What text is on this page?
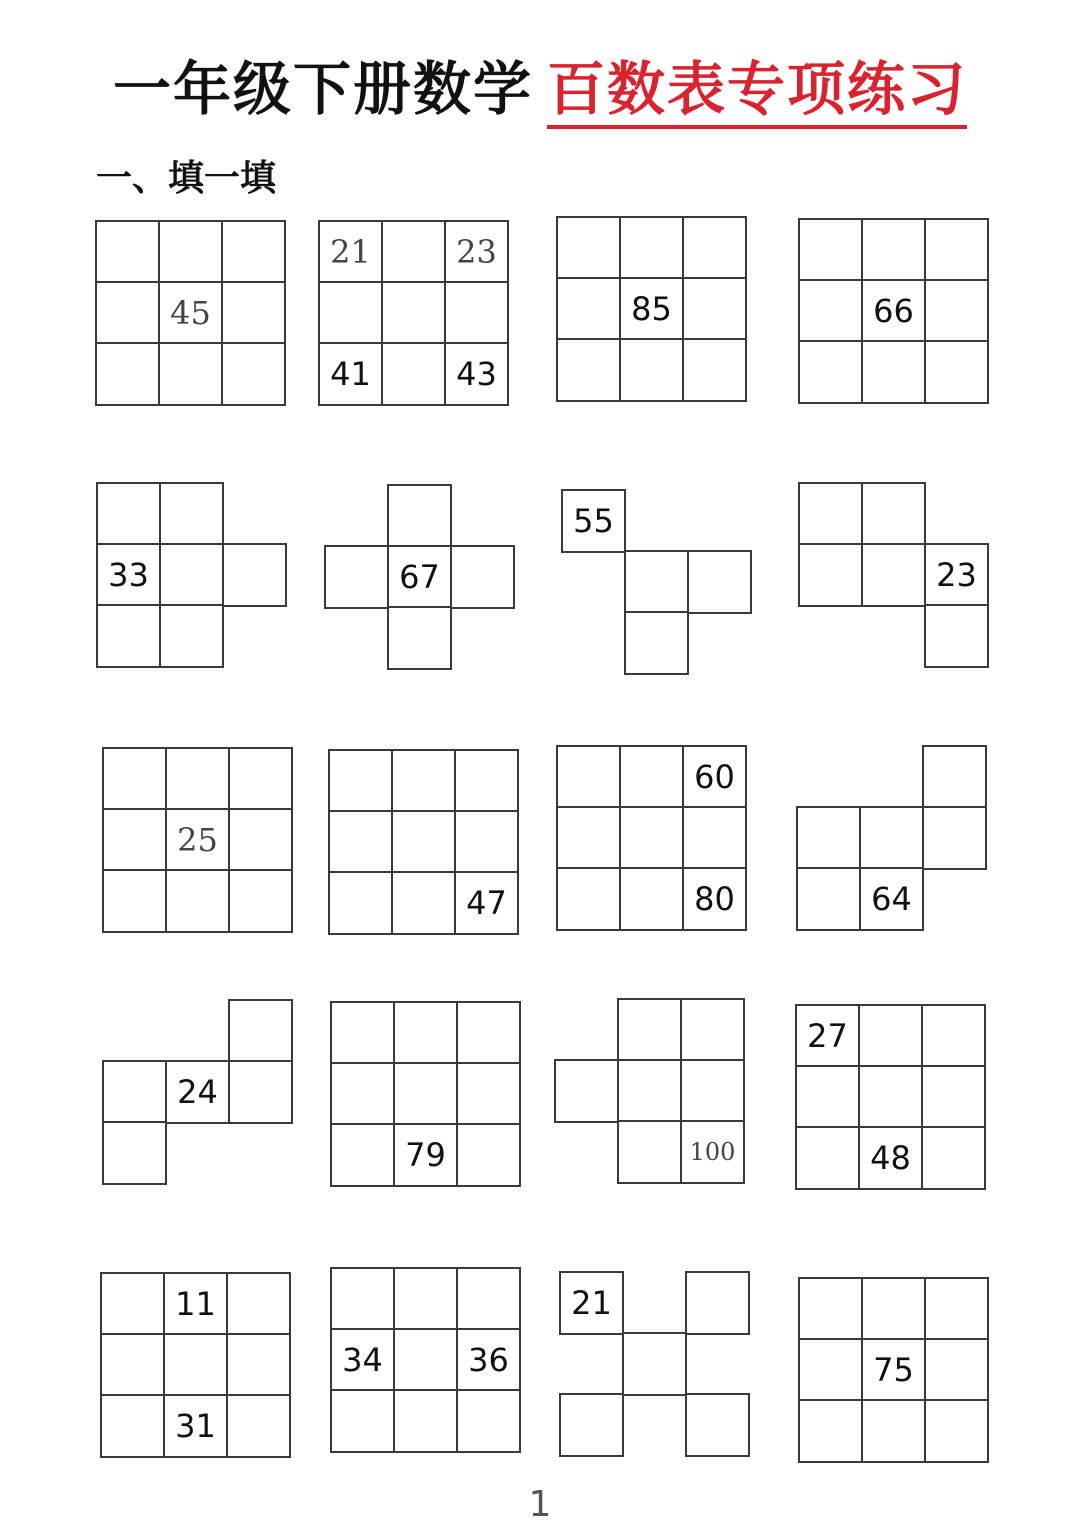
一年级下册数学 百数表专项练习
一、填一填
45
21	23
41	43
85	66
33	67
55
23
25
47
60
80	64
24
79	100
27
48
11
31
34	36
21
75
1
